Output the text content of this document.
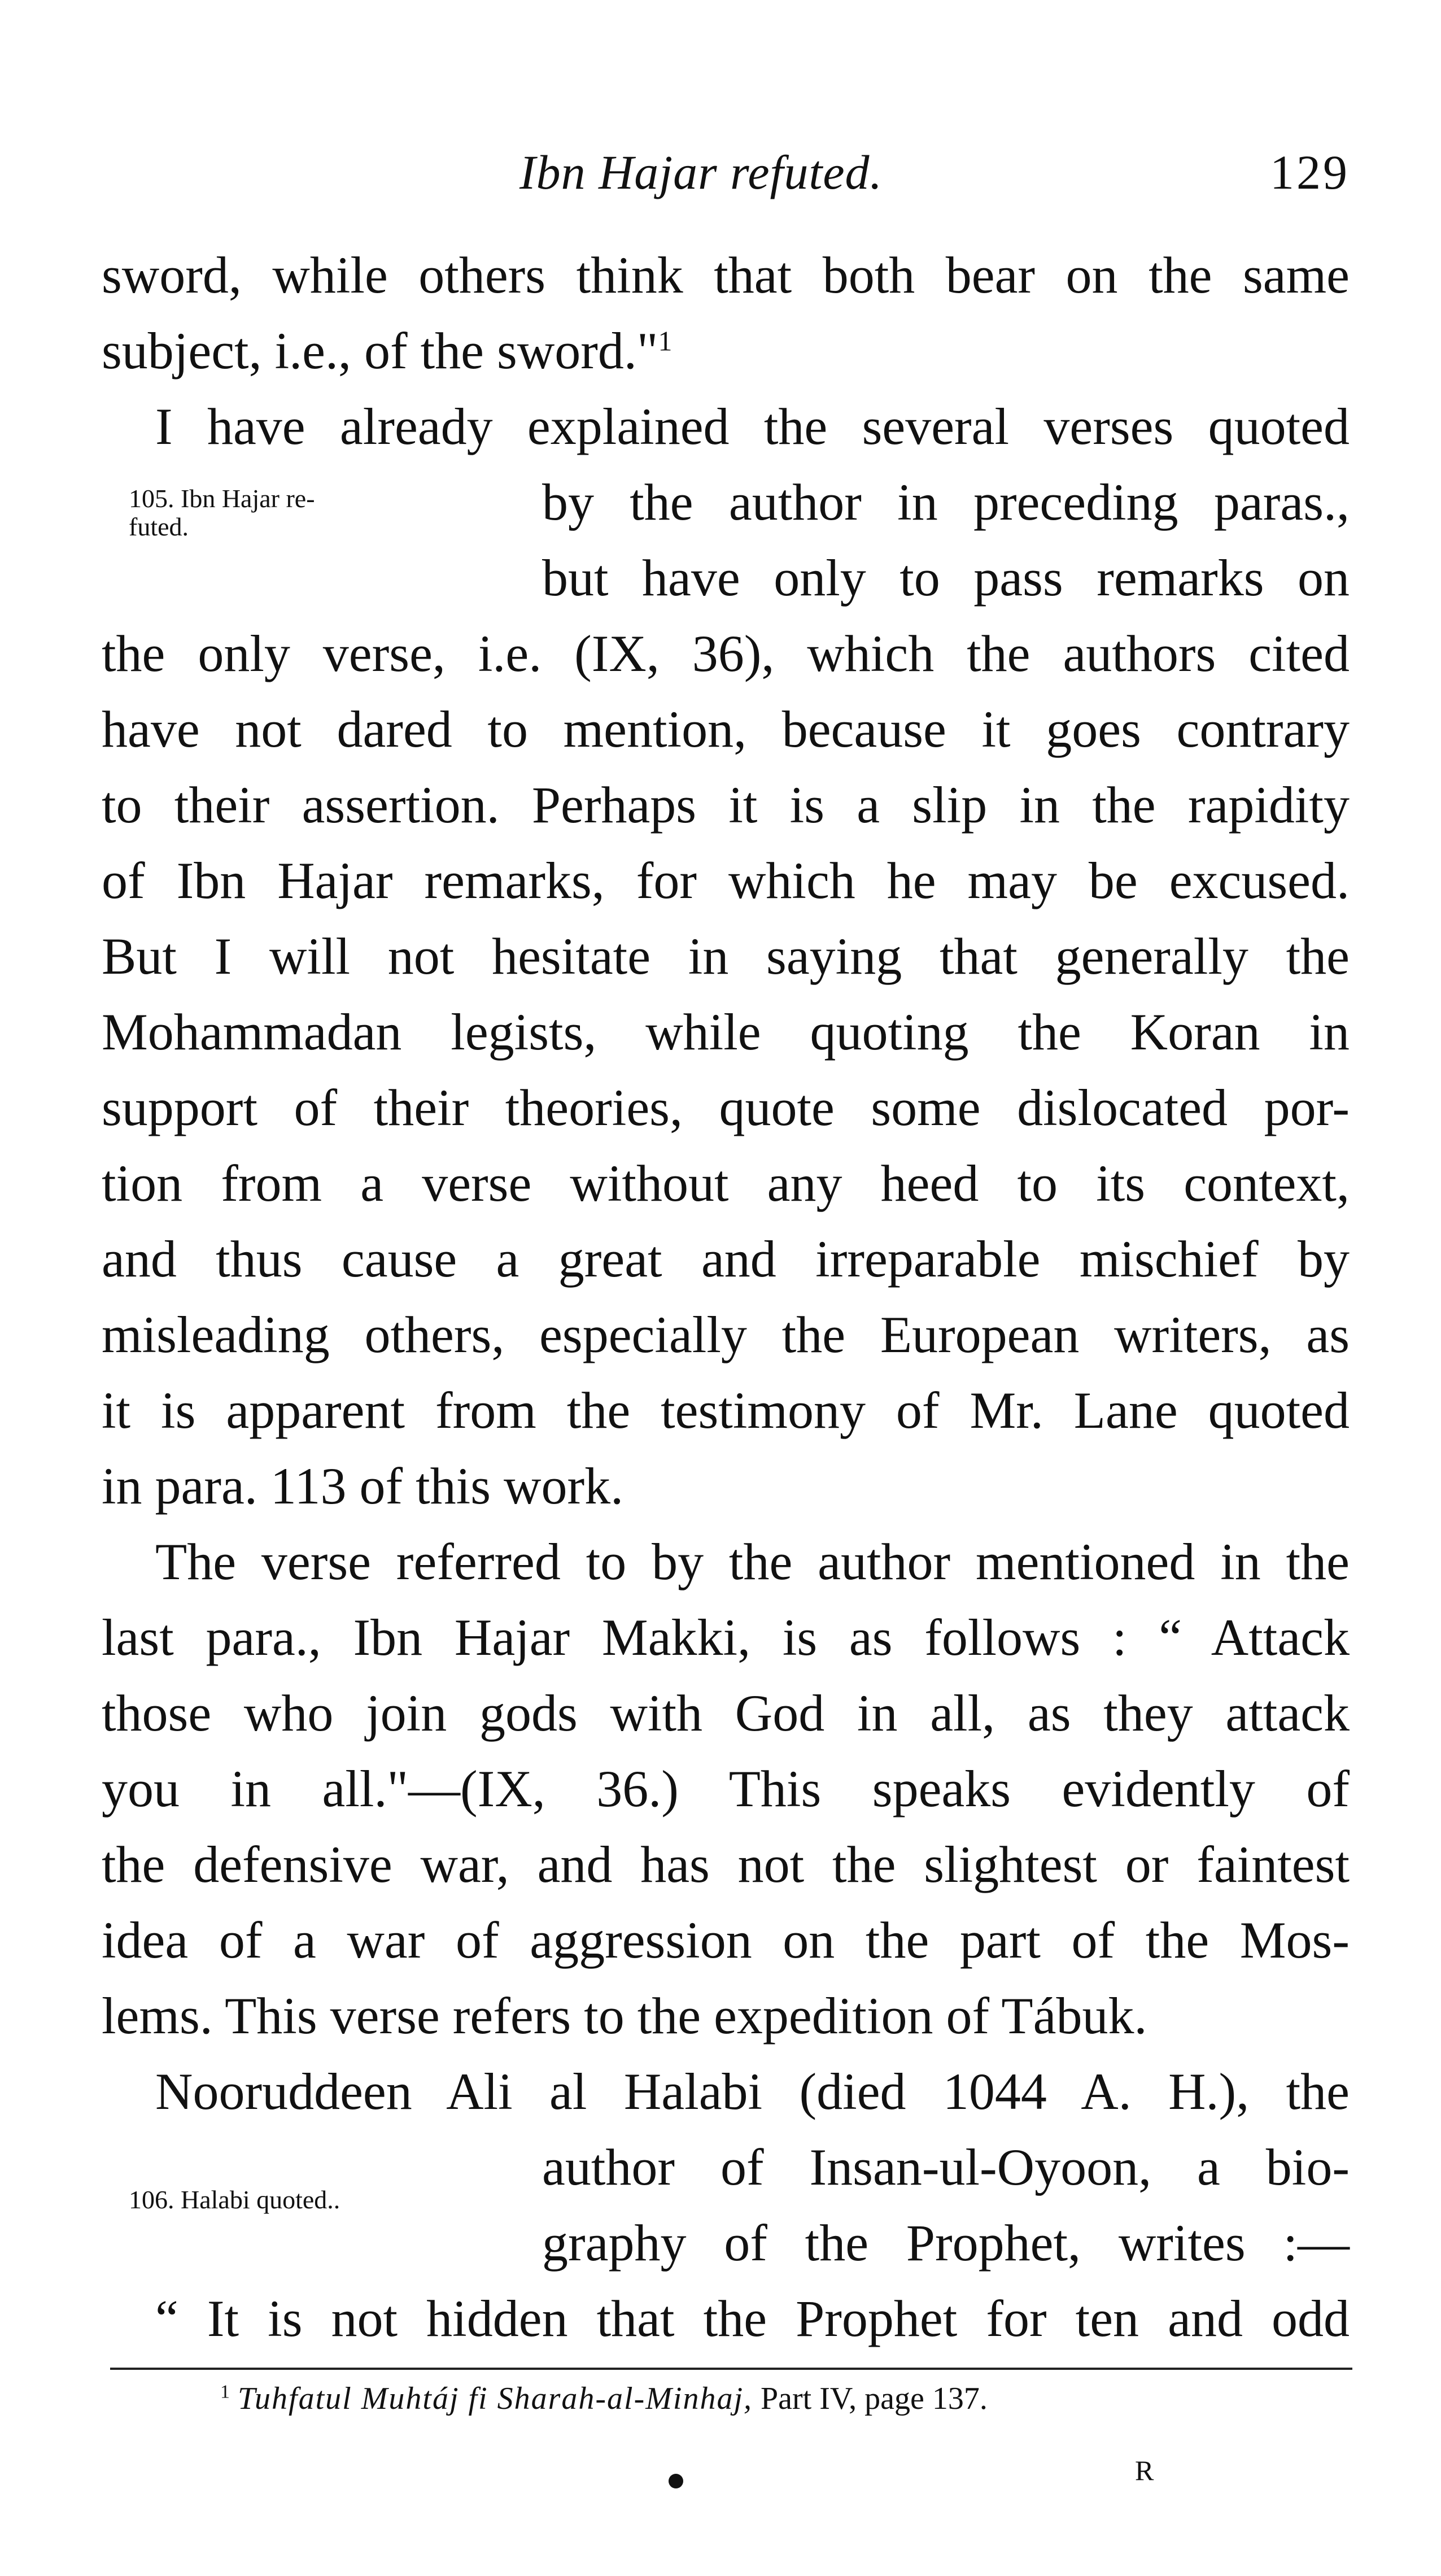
Ibn Hajar refuted.	129
sword, while others think that both bear on the same
subject, i.e., of the sword."$^1$
I have already explained the several verses quoted
105. Ibn Hajar re-
futed.	by the author in preceding paras.,
but have only to pass remarks on
the only verse, i.e. (IX, 36), which the authors cited
have not dared to mention, because it goes contrary
to their assertion. Perhaps it is a slip in the rapidity
of Ibn Hajar remarks, for which he may be excused.
But I will not hesitate in saying that generally the
Mohammadan legists, while quoting the Koran in
support of their theories, quote some dislocated por-
tion from a verse without any heed to its context,
and thus cause a great and irreparable mischief by
misleading others, especially the European writers, as
it is apparent from the testimony of Mr. Lane quoted
in para. 113 of this work.
The verse referred to by the author mentioned in the
last para., Ibn Hajar Makki, is as follows : “ Attack
those who join gods with God in all, as they attack
you in all."—(IX, 36.) This speaks evidently of
the defensive war, and has not the slightest or faintest
idea of a war of aggression on the part of the Mos-
lems. This verse refers to the expedition of Tábuk.
Nooruddeen Ali al Halabi (died 1044 A. H.), the
106. Halabi quoted..
author of Insan-ul-Oyoon, a bio-
graphy of the Prophet, writes :—
“ It is not hidden that the Prophet for ten and odd
$^1$ Tuhfatul Muhtáj fi Sharah-al-Minhaj, Part IV, page 137.
R
